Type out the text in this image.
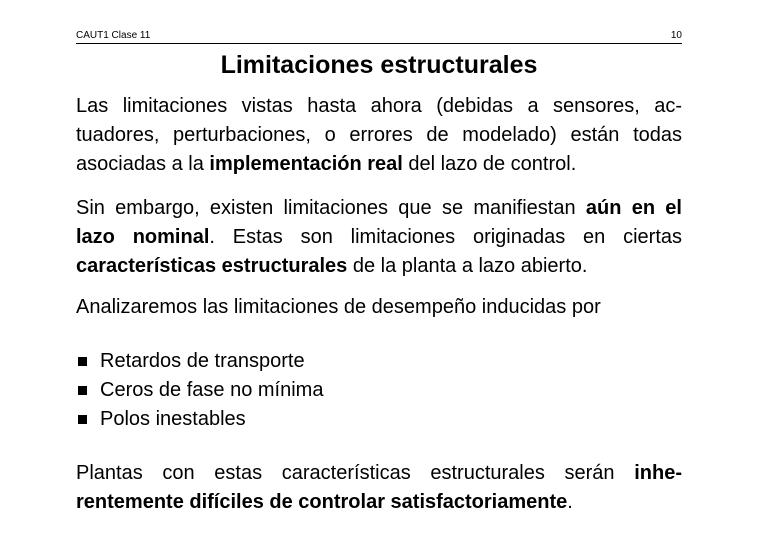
CAUT1 Clase 11	10
Limitaciones estructurales
Las limitaciones vistas hasta ahora (debidas a sensores, ac-tuadores, perturbaciones, o errores de modelado) están todas asociadas a la implementación real del lazo de control.
Sin embargo, existen limitaciones que se manifiestan aún en el lazo nominal. Estas son limitaciones originadas en ciertas características estructurales de la planta a lazo abierto.
Analizaremos las limitaciones de desempeño inducidas por
Retardos de transporte
Ceros de fase no mínima
Polos inestables
Plantas con estas características estructurales serán inhe-rentemente difíciles de controlar satisfactoriamente.
